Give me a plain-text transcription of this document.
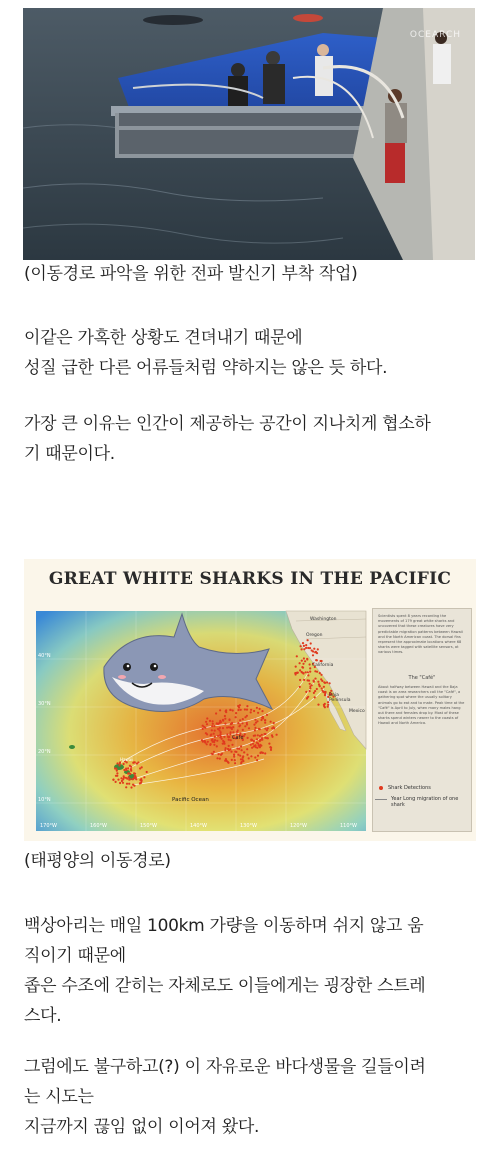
OCEARCH
(이동경로 파악을 위한 전파 발신기 부착 작업)
이같은 가혹한 상황도 견뎌내기 때문에
성질 급한 다른 어류들처럼 약하지는 않은 듯 하다.
가장 큰 이유는 인간이 제공하는 공간이 지나치게 협소하
기 때문이다.
GREAT WHITE SHARKS IN THE PACIFIC
Pacific Ocean
Café
Hawaii
Washington
Oregon
California
Baja Peninsula
Mexico
40°N
30°N
20°N
10°N
170°W	160°W	150°W	140°W	130°W	120°W	110°W
Scientists spent 8 years recording the movements of 179 great white sharks and uncovered that these creatures have very predictable migration patterns between Hawaii and the North American coast. The dorsal fins represent the approximate locations where 68 sharks were tagged with satellite sensors, at various times.
The "Café"
About halfway between Hawaii and the Baja coast is an area researchers call the "Café", a gathering spot where the usually solitary animals go to eat and to mate. Peak time at the "Café" is April to July, when many males hang out there and females drop by. Most of these sharks spend winters nearer to the coasts of Hawaii and North America.
Shark Detections
Year Long migration of one shark
(태평양의 이동경로)
백상아리는 매일 100km 가량을 이동하며 쉬지 않고 움
직이기 때문에
좁은 수조에 갇히는 자체로도 이들에게는 굉장한 스트레
스다.
그럼에도 불구하고(?) 이 자유로운 바다생물을 길들이려
는 시도는
지금까지 끊임 없이 이어져 왔다.
